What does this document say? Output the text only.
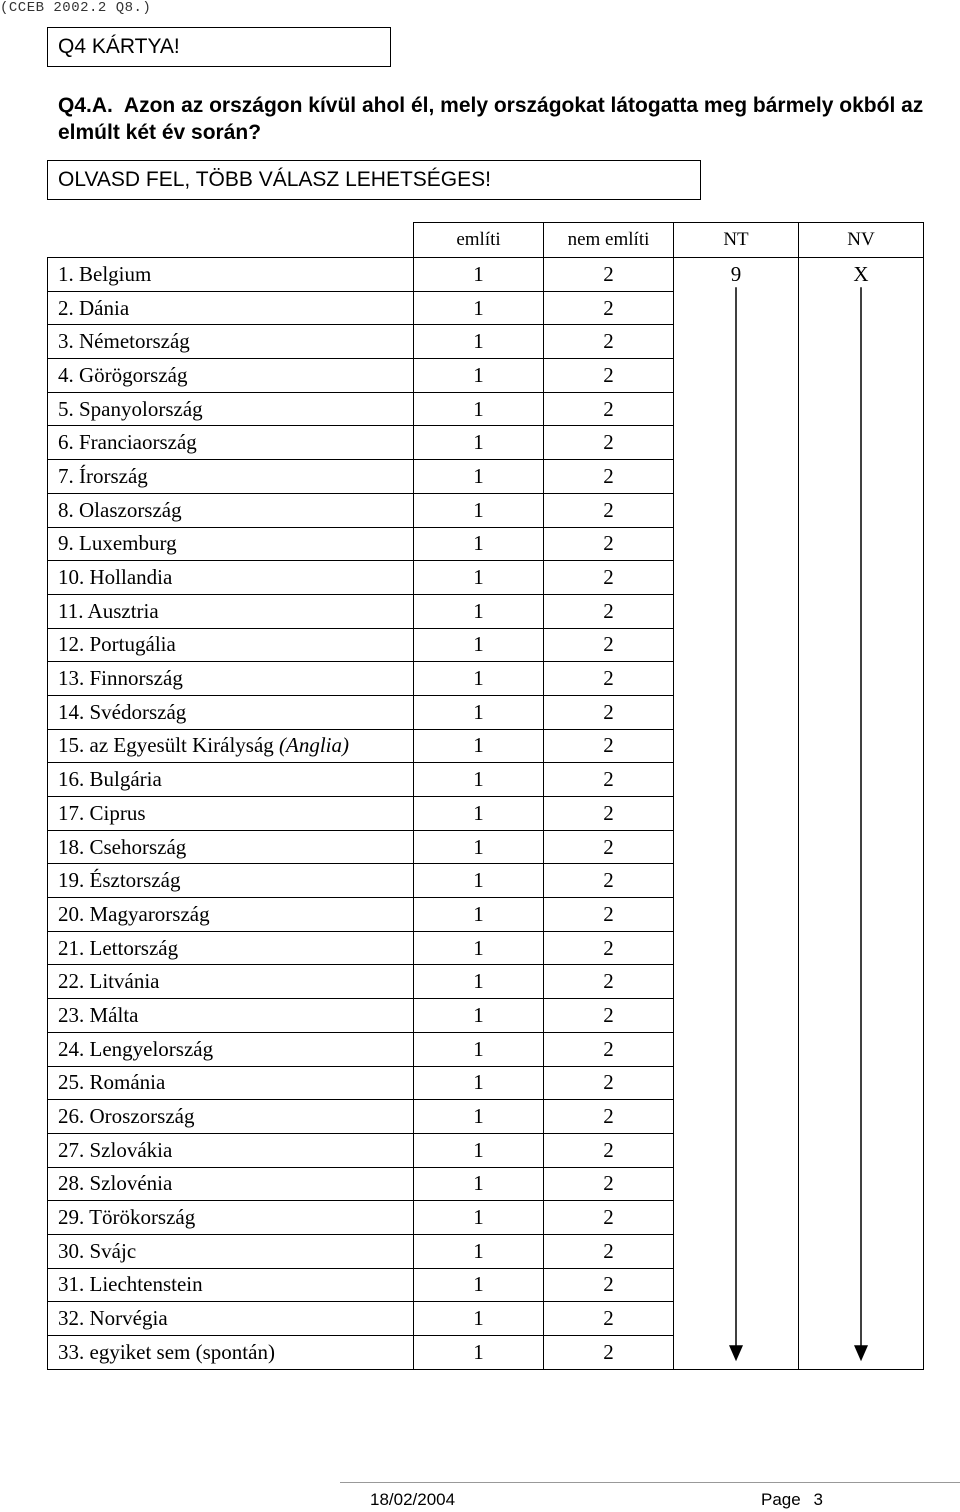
(CCEB 2002.2 Q8.)
Q4 KÁRTYA!
Q4.A. Azon az országon kívül ahol él, mely országokat látogatta meg bármely okból az elmúlt két év során?
OLVASD FEL, TÖBB VÁLASZ LEHETSÉGES!
	említi	nem említi	NT	NV
1. Belgium	1	2	9	X
2. Dánia	1	2		
3. Németország	1	2		
4. Görögország	1	2		
5. Spanyolország	1	2		
6. Franciaország	1	2		
7. Írország	1	2		
8. Olaszország	1	2		
9. Luxemburg	1	2		
10. Hollandia	1	2		
11. Ausztria	1	2		
12. Portugália	1	2		
13. Finnország	1	2		
14. Svédország	1	2		
15. az Egyesült Királyság (Anglia)	1	2		
16. Bulgária	1	2		
17. Ciprus	1	2		
18. Csehország	1	2		
19. Észtország	1	2		
20. Magyarország	1	2		
21. Lettország	1	2		
22. Litvánia	1	2		
23. Málta	1	2		
24. Lengyelország	1	2		
25. Románia	1	2		
26. Oroszország	1	2		
27. Szlovákia	1	2		
28. Szlovénia	1	2		
29. Törökország	1	2		
30. Svájc	1	2		
31. Liechtenstein	1	2		
32. Norvégia	1	2		
33. egyiket sem (spontán)	1	2		
18/02/2004	Page 3
